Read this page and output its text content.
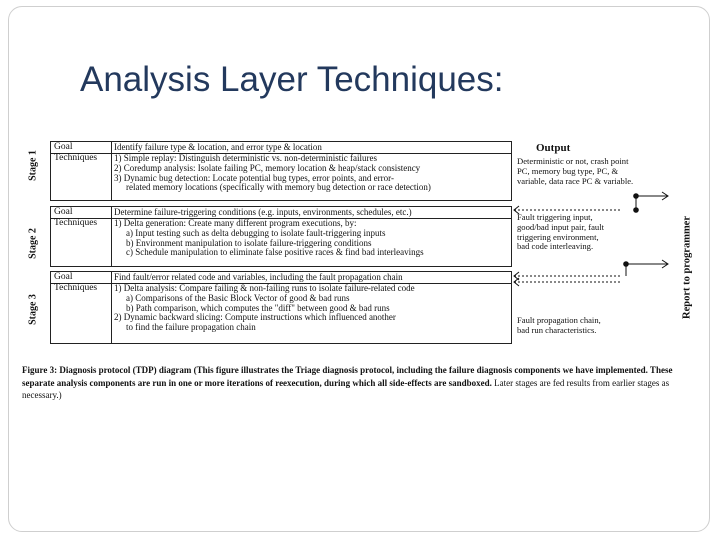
Analysis Layer Techniques:
Stage 1
Stage 2
Stage 3
Goal	Identify failure type & location, and error type & location
Techniques	1) Simple replay: Distinguish deterministic vs. non-deterministic failures
2) Coredump analysis: Isolate failing PC, memory location & heap/stack consistency
3) Dynamic bug detection: Locate potential bug types, error points, and error-
related memory locations (specifically with memory bug detection or race detection)
Goal	Determine failure-triggering conditions (e.g. inputs, environments, schedules, etc.)
Techniques	1) Delta generation: Create many different program executions, by:
a) Input testing such as delta debugging to isolate fault-triggering inputs
b) Environment manipulation to isolate failure-triggering conditions
c) Schedule manipulation to eliminate false positive races & find bad interleavings
Goal	Find fault/error related code and variables, including the fault propagation chain
Techniques	1) Delta analysis: Compare failing & non-failing runs to isolate failure-related code
a) Comparisons of the Basic Block Vector of good & bad runs
b) Path comparison, which computes the "diff" between good & bad runs
2) Dynamic backward slicing: Compute instructions which influenced another
to find the failure propagation chain
Output
Deterministic or not, crash point
PC, memory bug type, PC, &
variable, data race PC & variable.
Fault triggering input,
good/bad input pair, fault
triggering environment,
bad code interleaving.
Fault propagation chain,
bad run characteristics.
Report to programmer
Figure 3: Diagnosis protocol (TDP) diagram (This figure illustrates the Triage diagnosis protocol, including the failure diagnosis components we have implemented. These separate analysis components are run in one or more iterations of reexecution, during which all side-effects are sandboxed. Later stages are fed results from earlier stages as necessary.)
